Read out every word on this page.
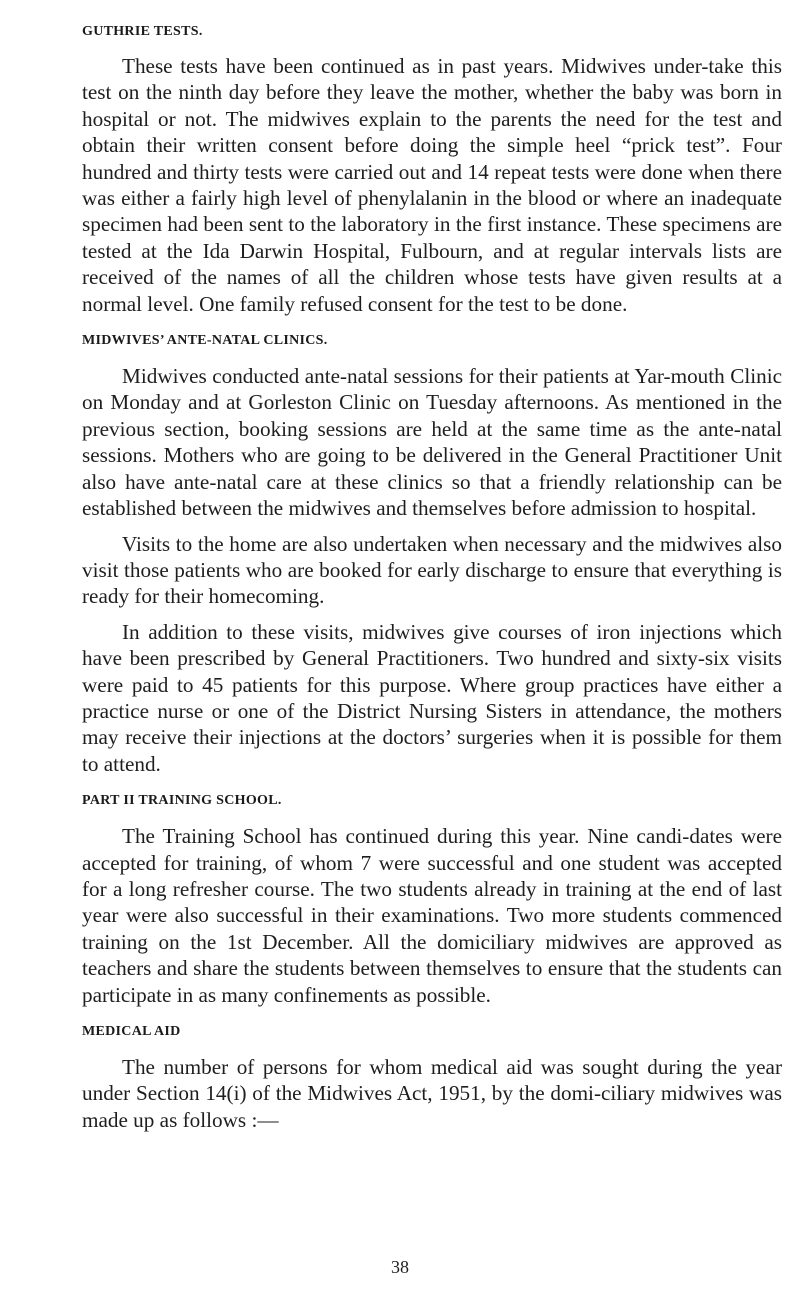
GUTHRIE TESTS.

These tests have been continued as in past years. Midwives under-take this test on the ninth day before they leave the mother, whether the baby was born in hospital or not. The midwives explain to the parents the need for the test and obtain their written consent before doing the simple heel “prick test”. Four hundred and thirty tests were carried out and 14 repeat tests were done when there was either a fairly high level of phenylalanin in the blood or where an inadequate specimen had been sent to the laboratory in the first instance. These specimens are tested at the Ida Darwin Hospital, Fulbourn, and at regular intervals lists are received of the names of all the children whose tests have given results at a normal level. One family refused consent for the test to be done.

MIDWIVES’ ANTE-NATAL CLINICS.

Midwives conducted ante-natal sessions for their patients at Yar-mouth Clinic on Monday and at Gorleston Clinic on Tuesday afternoons. As mentioned in the previous section, booking sessions are held at the same time as the ante-natal sessions. Mothers who are going to be delivered in the General Practitioner Unit also have ante-natal care at these clinics so that a friendly relationship can be established between the midwives and themselves before admission to hospital.

Visits to the home are also undertaken when necessary and the midwives also visit those patients who are booked for early discharge to ensure that everything is ready for their homecoming.

In addition to these visits, midwives give courses of iron injections which have been prescribed by General Practitioners. Two hundred and sixty-six visits were paid to 45 patients for this purpose. Where group practices have either a practice nurse or one of the District Nursing Sisters in attendance, the mothers may receive their injections at the doctors’ surgeries when it is possible for them to attend.

PART II TRAINING SCHOOL.

The Training School has continued during this year. Nine candi-dates were accepted for training, of whom 7 were successful and one student was accepted for a long refresher course. The two students already in training at the end of last year were also successful in their examinations. Two more students commenced training on the 1st December. All the domiciliary midwives are approved as teachers and share the students between themselves to ensure that the students can participate in as many confinements as possible.

MEDICAL AID

The number of persons for whom medical aid was sought during the year under Section 14(i) of the Midwives Act, 1951, by the domi-ciliary midwives was made up as follows :—

38
